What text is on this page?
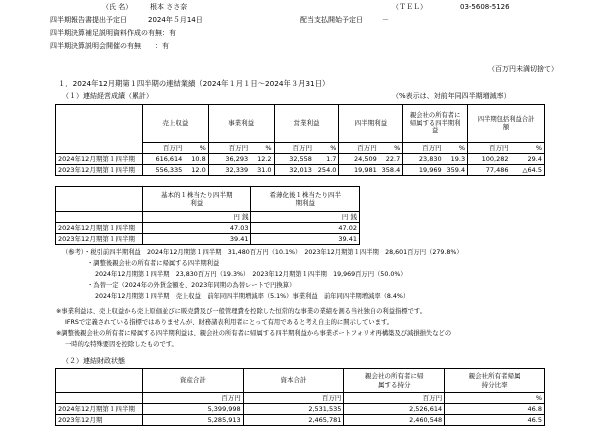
（氏 名）	根本 ささ奈	（ＴＥＬ）	03-5608-5126
四半期報告書提出予定日	2024年５月14日	配当支払開始予定日	－
四半期決算補足説明資料作成の有無：有
四半期決算説明会開催の有無　　：有
（百万円未満切捨て）
１．2024年12月期第１四半期の連結業績（2024年１月１日～2024年３月31日）
（１）連結経営成績（累計）	（%表示は、対前年同四半期増減率）
	売上収益		事業利益		営業利益		四半期利益		親会社の所有者に帰属する四半期利益		四半期包括利益合計額	
	百万円	%	百万円	%	百万円	%	百万円	%	百万円	%	百万円	%
2024年12月期第１四半期	616,614	10.8	36,293	12.2	32,558	1.7	24,509	22.7	23,830	19.3	100,282	29.4
2023年12月期第１四半期	556,335	12.0	32,339	31.0	32,013	254.0	19,981	358.4	19,969	359.4	77,486	△64.5
	基本的１株当たり四半期利益	希薄化後１株当たり四半期利益
	円 銭	円 銭
2024年12月期第１四半期	47.03	47.02
2023年12月期第１四半期	39.41	39.41
（参考）・税引前四半期利益　2024年12月期第１四半期　31,480百万円（10.1%）　2023年12月期第１四半期　28,601百万円（279.8%）
・調整後親会社の所有者に帰属する四半期利益
2024年12月期第１四半期　23,830百万円（19.3%）　2023年12月期第１四半期　19,969百万円（50.0%）
・為替一定（2024年の外貨金額を、2023年同期の為替レートで円換算）
2024年12月期第１四半期　売上収益　前年同四半期増減率（5.1%）事業利益　前年同四半期増減率（8.4%）
※事業利益は、売上収益から売上原価並びに販売費及び一般管理費を控除した恒常的な事業の業績を測る当社独自の利益指標です。
IFRSで定義されている指標ではありませんが、財務諸表利用者にとって有用であると考え自主的に開示しています。
※調整後親会社の所有者に帰属する四半期利益は、親会社の所有者に帰属する四半期利益から事業ポートフォリオ再構築及び減損損失などの
一時的な特殊要因を控除したものです。
（２）連結財政状態
	資産合計	資本合計	親会社の所有者に帰属する持分	親会社所有者帰属持分比率
	百万円	百万円	百万円	%
2024年12月期第１四半期	5,399,998	2,531,535	2,526,614	46.8
2023年12月期	5,285,913	2,465,781	2,460,548	46.5
